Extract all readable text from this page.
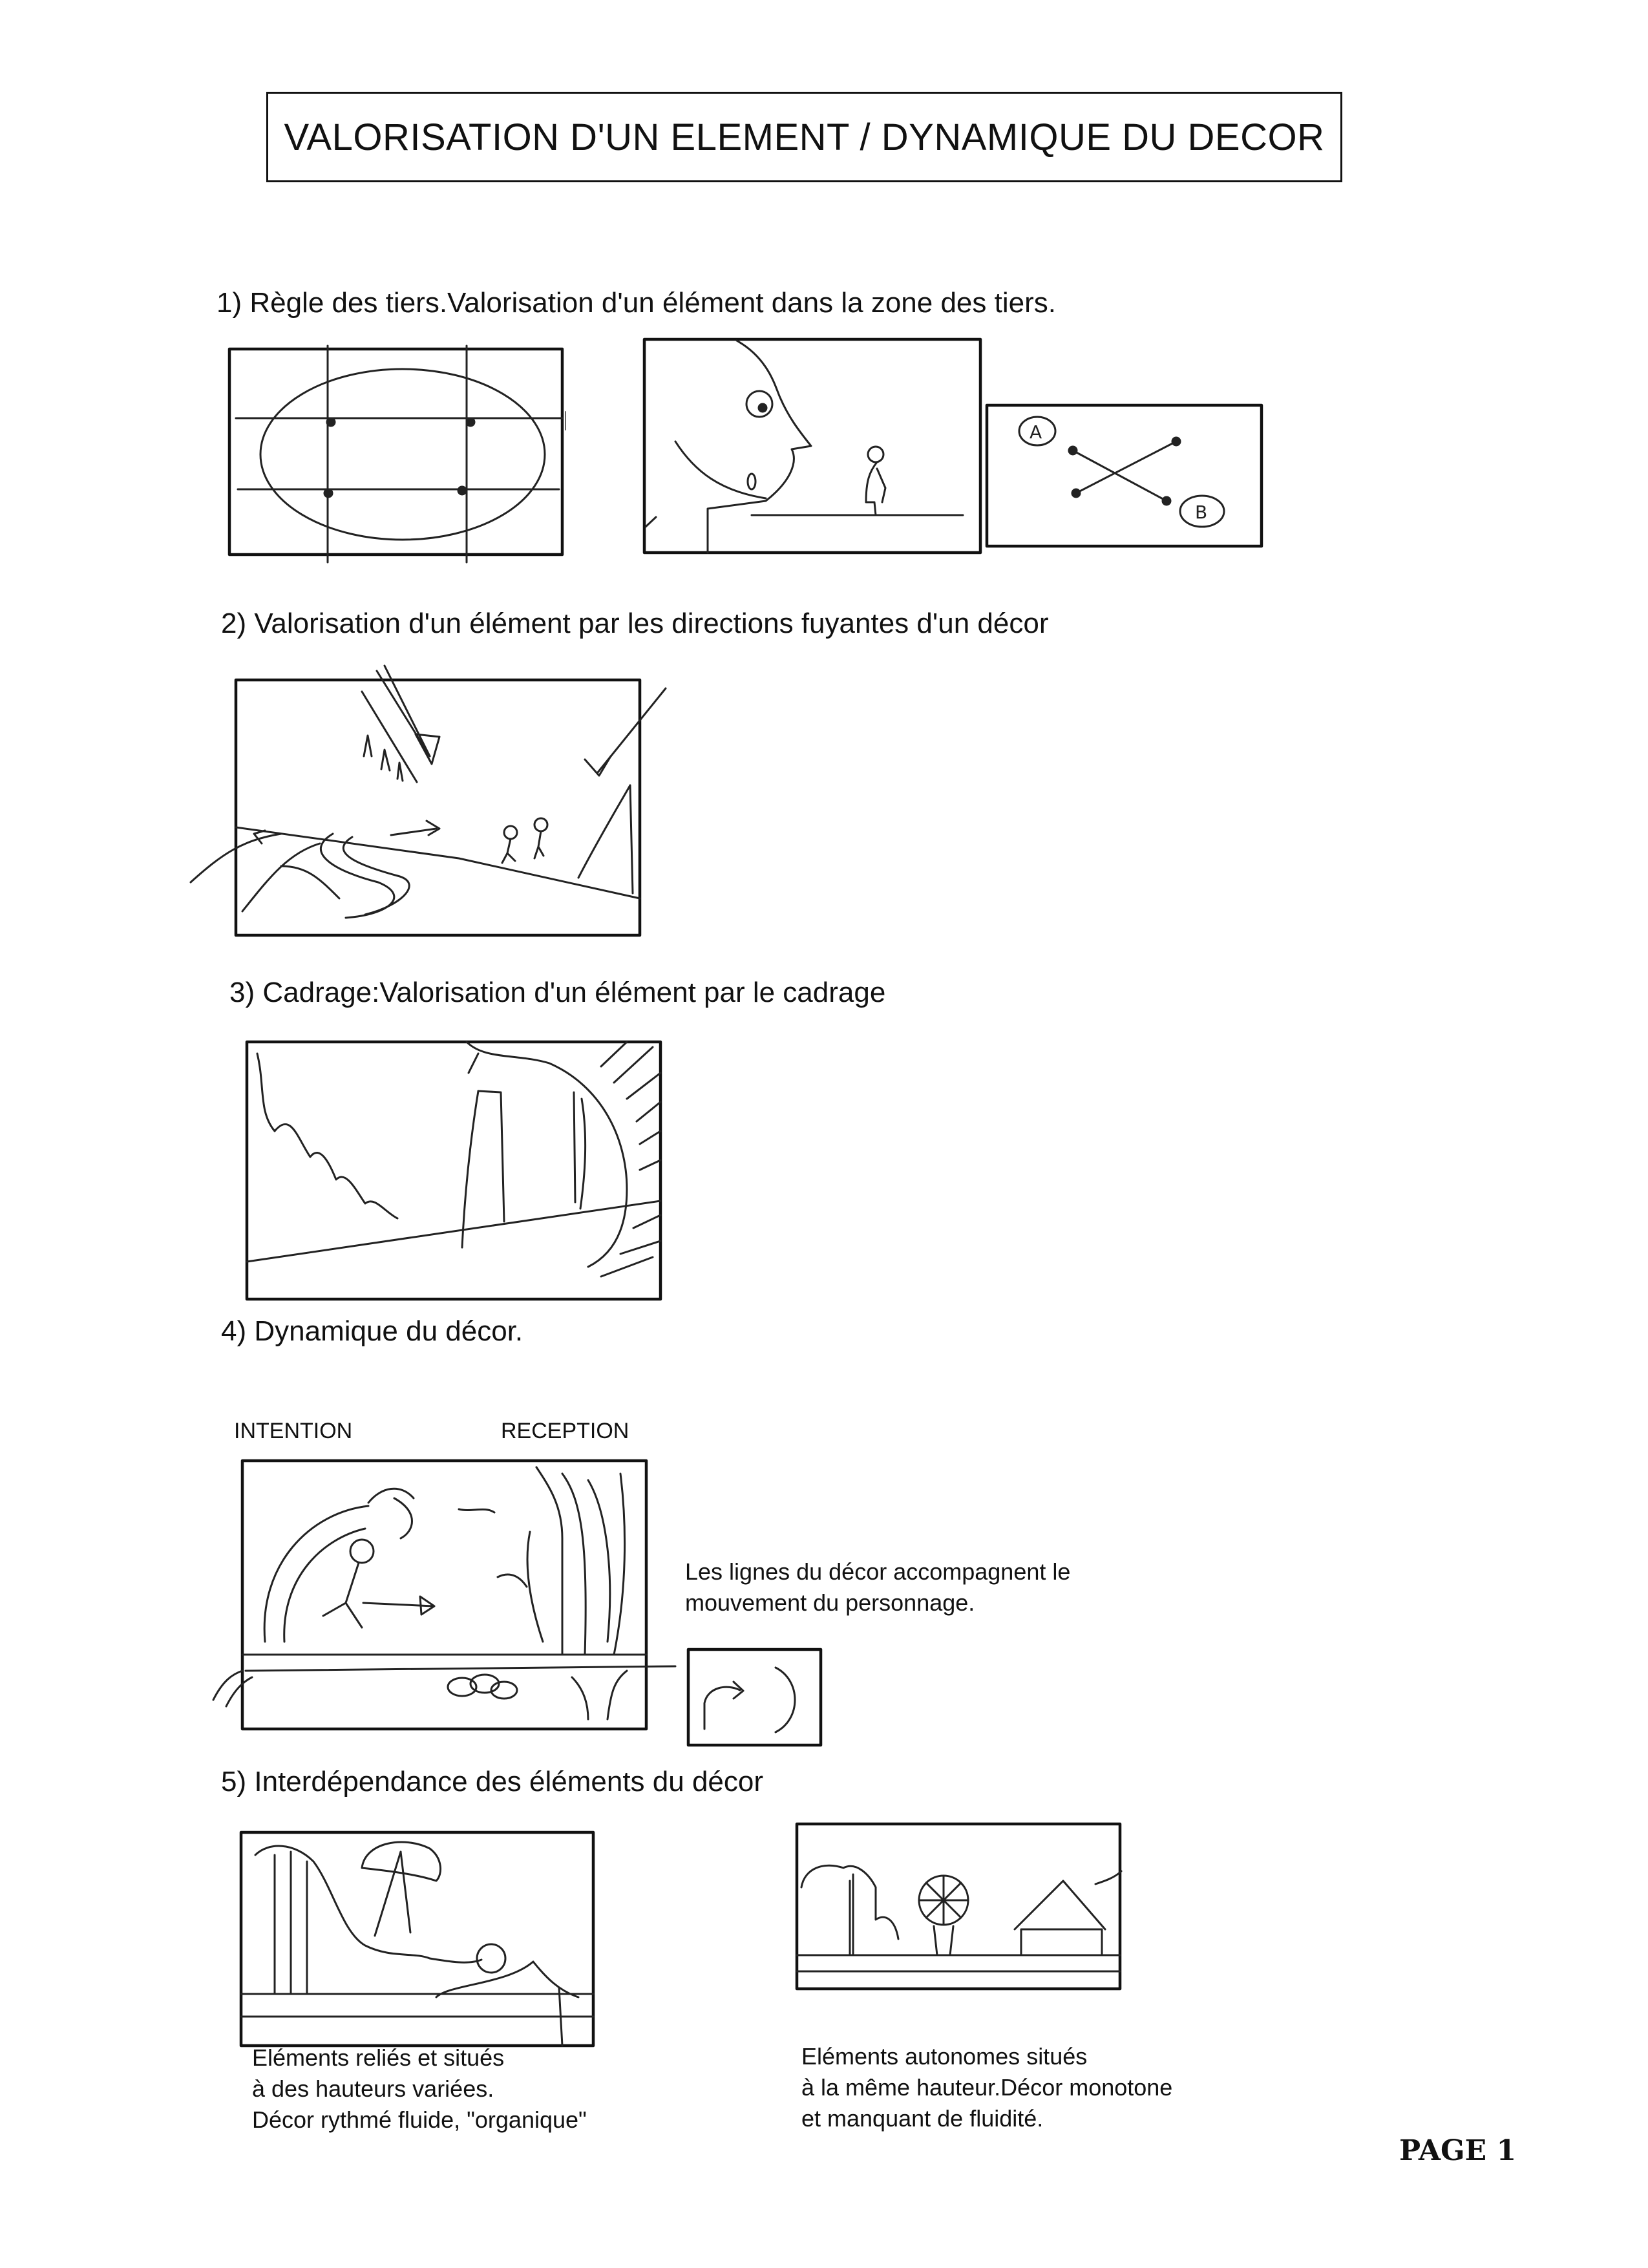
VALORISATION D'UN ELEMENT / DYNAMIQUE DU DECOR
1) Règle des tiers.Valorisation d'un élément dans la zone des tiers.
A
B
2) Valorisation d'un élément par les directions fuyantes d'un décor
3) Cadrage:Valorisation d'un élément par le cadrage
4) Dynamique du décor.
INTENTION	RECEPTION
Les lignes du décor accompagnent le
mouvement du personnage.
5) Interdépendance des éléments du décor
Eléments reliés et situés
à des hauteurs variées.
Décor rythmé fluide, "organique"
Eléments autonomes situés
à la même hauteur.Décor monotone
et manquant de fluidité.
PAGE 1
